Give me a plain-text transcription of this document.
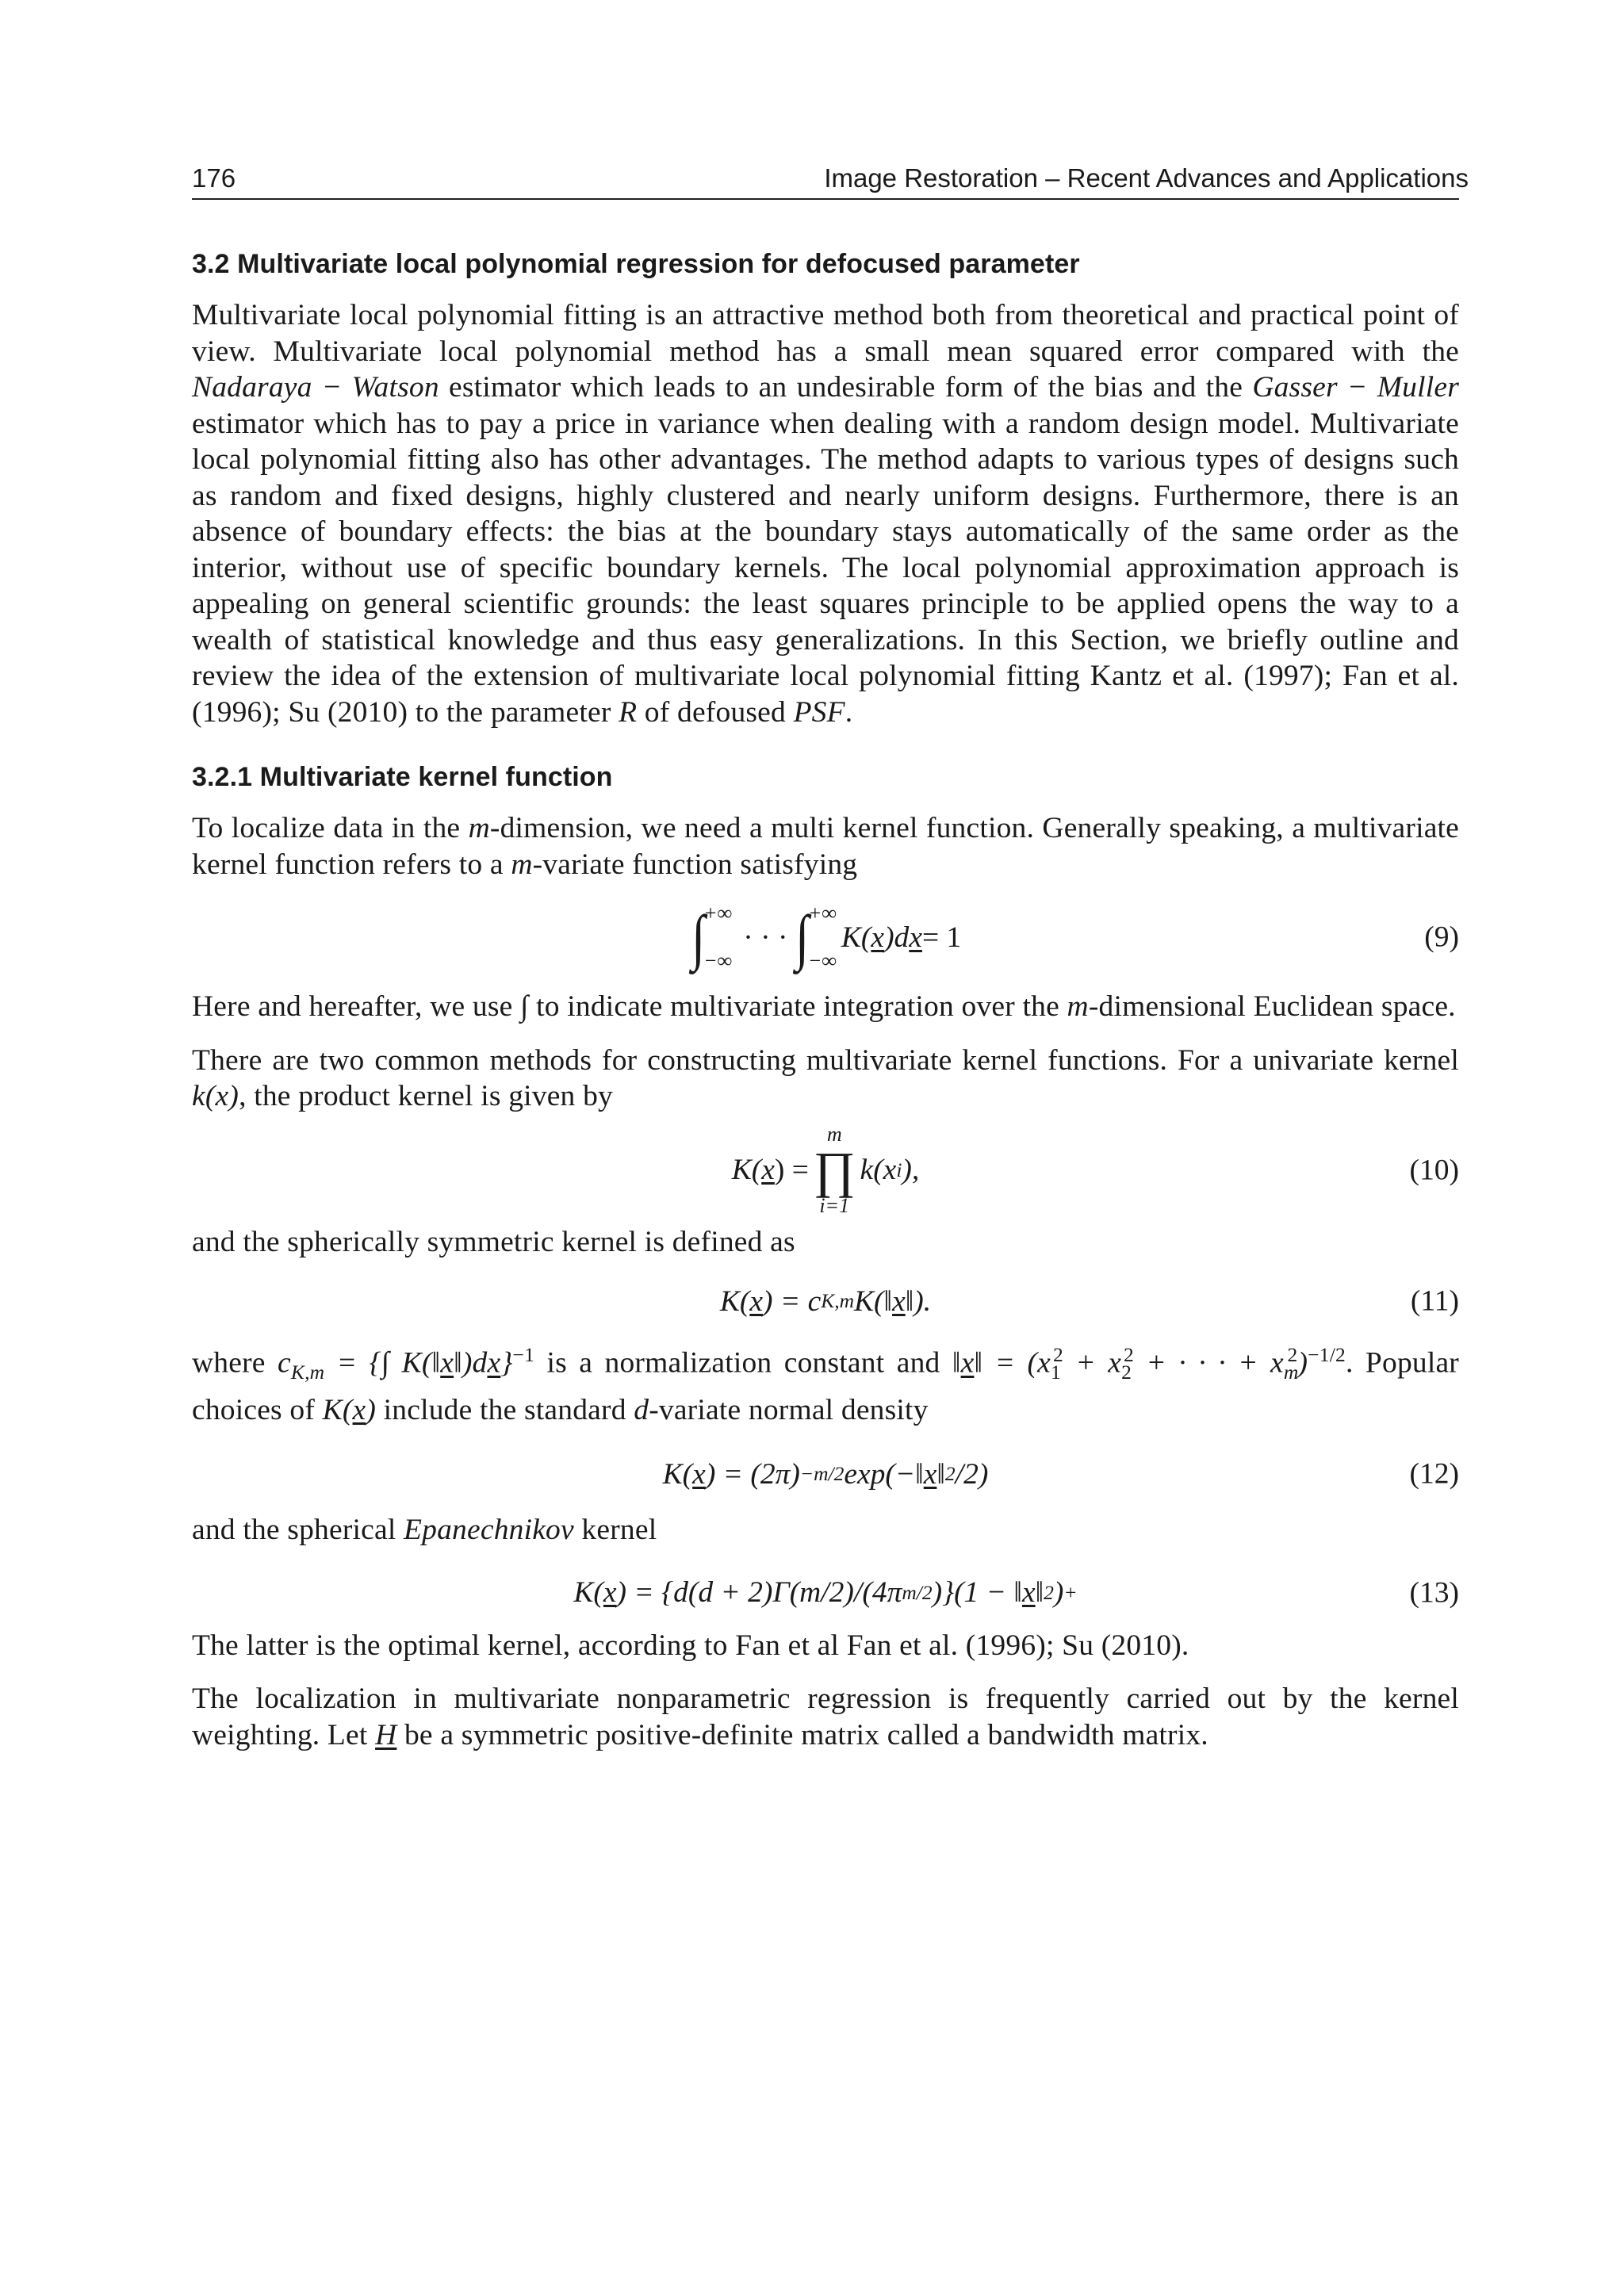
176	Image Restoration – Recent Advances and Applications
3.2 Multivariate local polynomial regression for defocused parameter

Multivariate local polynomial fitting is an attractive method both from theoretical and practical point of view. Multivariate local polynomial method has a small mean squared error compared with the Nadaraya − Watson estimator which leads to an undesirable form of the bias and the Gasser − Muller estimator which has to pay a price in variance when dealing with a random design model. Multivariate local polynomial fitting also has other advantages. The method adapts to various types of designs such as random and fixed designs, highly clustered and nearly uniform designs. Furthermore, there is an absence of boundary effects: the bias at the boundary stays automatically of the same order as the interior, without use of specific boundary kernels. The local polynomial approximation approach is appealing on general scientific grounds: the least squares principle to be applied opens the way to a wealth of statistical knowledge and thus easy generalizations. In this Section, we briefly outline and review the idea of the extension of multivariate local polynomial fitting Kantz et al. (1997); Fan et al. (1996); Su (2010) to the parameter R of defoused PSF.

3.2.1 Multivariate kernel function

To localize data in the m-dimension, we need a multi kernel function. Generally speaking, a multivariate kernel function refers to a m-variate function satisfying

∫
+∞
−∞
· · · ∫
+∞
−∞
K( x )d x = 1	(9)

Here and hereafter, we use ∫ to indicate multivariate integration over the m-dimensional Euclidean space.

There are two common methods for constructing multivariate kernel functions. For a univariate kernel k(x), the product kernel is given by

K( x ) =
m
∏
i=1
k(x i ),	(10)

and the spherically symmetric kernel is defined as

K( x ) = c K,m K(‖ x ‖).	(11)

where $c_{K,m}$ = {∫ K(‖x‖)dx}$^{-1}$ is a normalization constant and ‖x‖ = ($x_1^2 + x_2^2$ + · · · + $x_m^2)^{-1/2}$. Popular choices of K(x) include the standard d-variate normal density

K( x ) = (2π) −m/2 exp(−‖ x ‖ 2 /2)	(12)

and the spherical Epanechnikov kernel

K( x ) = {d(d + 2)Γ(m/2)/(4π m/2 )}(1 − ‖ x ‖ 2 ) +	(13)

The latter is the optimal kernel, according to Fan et al Fan et al. (1996); Su (2010).

The localization in multivariate nonparametric regression is frequently carried out by the kernel weighting. Let H be a symmetric positive-definite matrix called a bandwidth matrix.
